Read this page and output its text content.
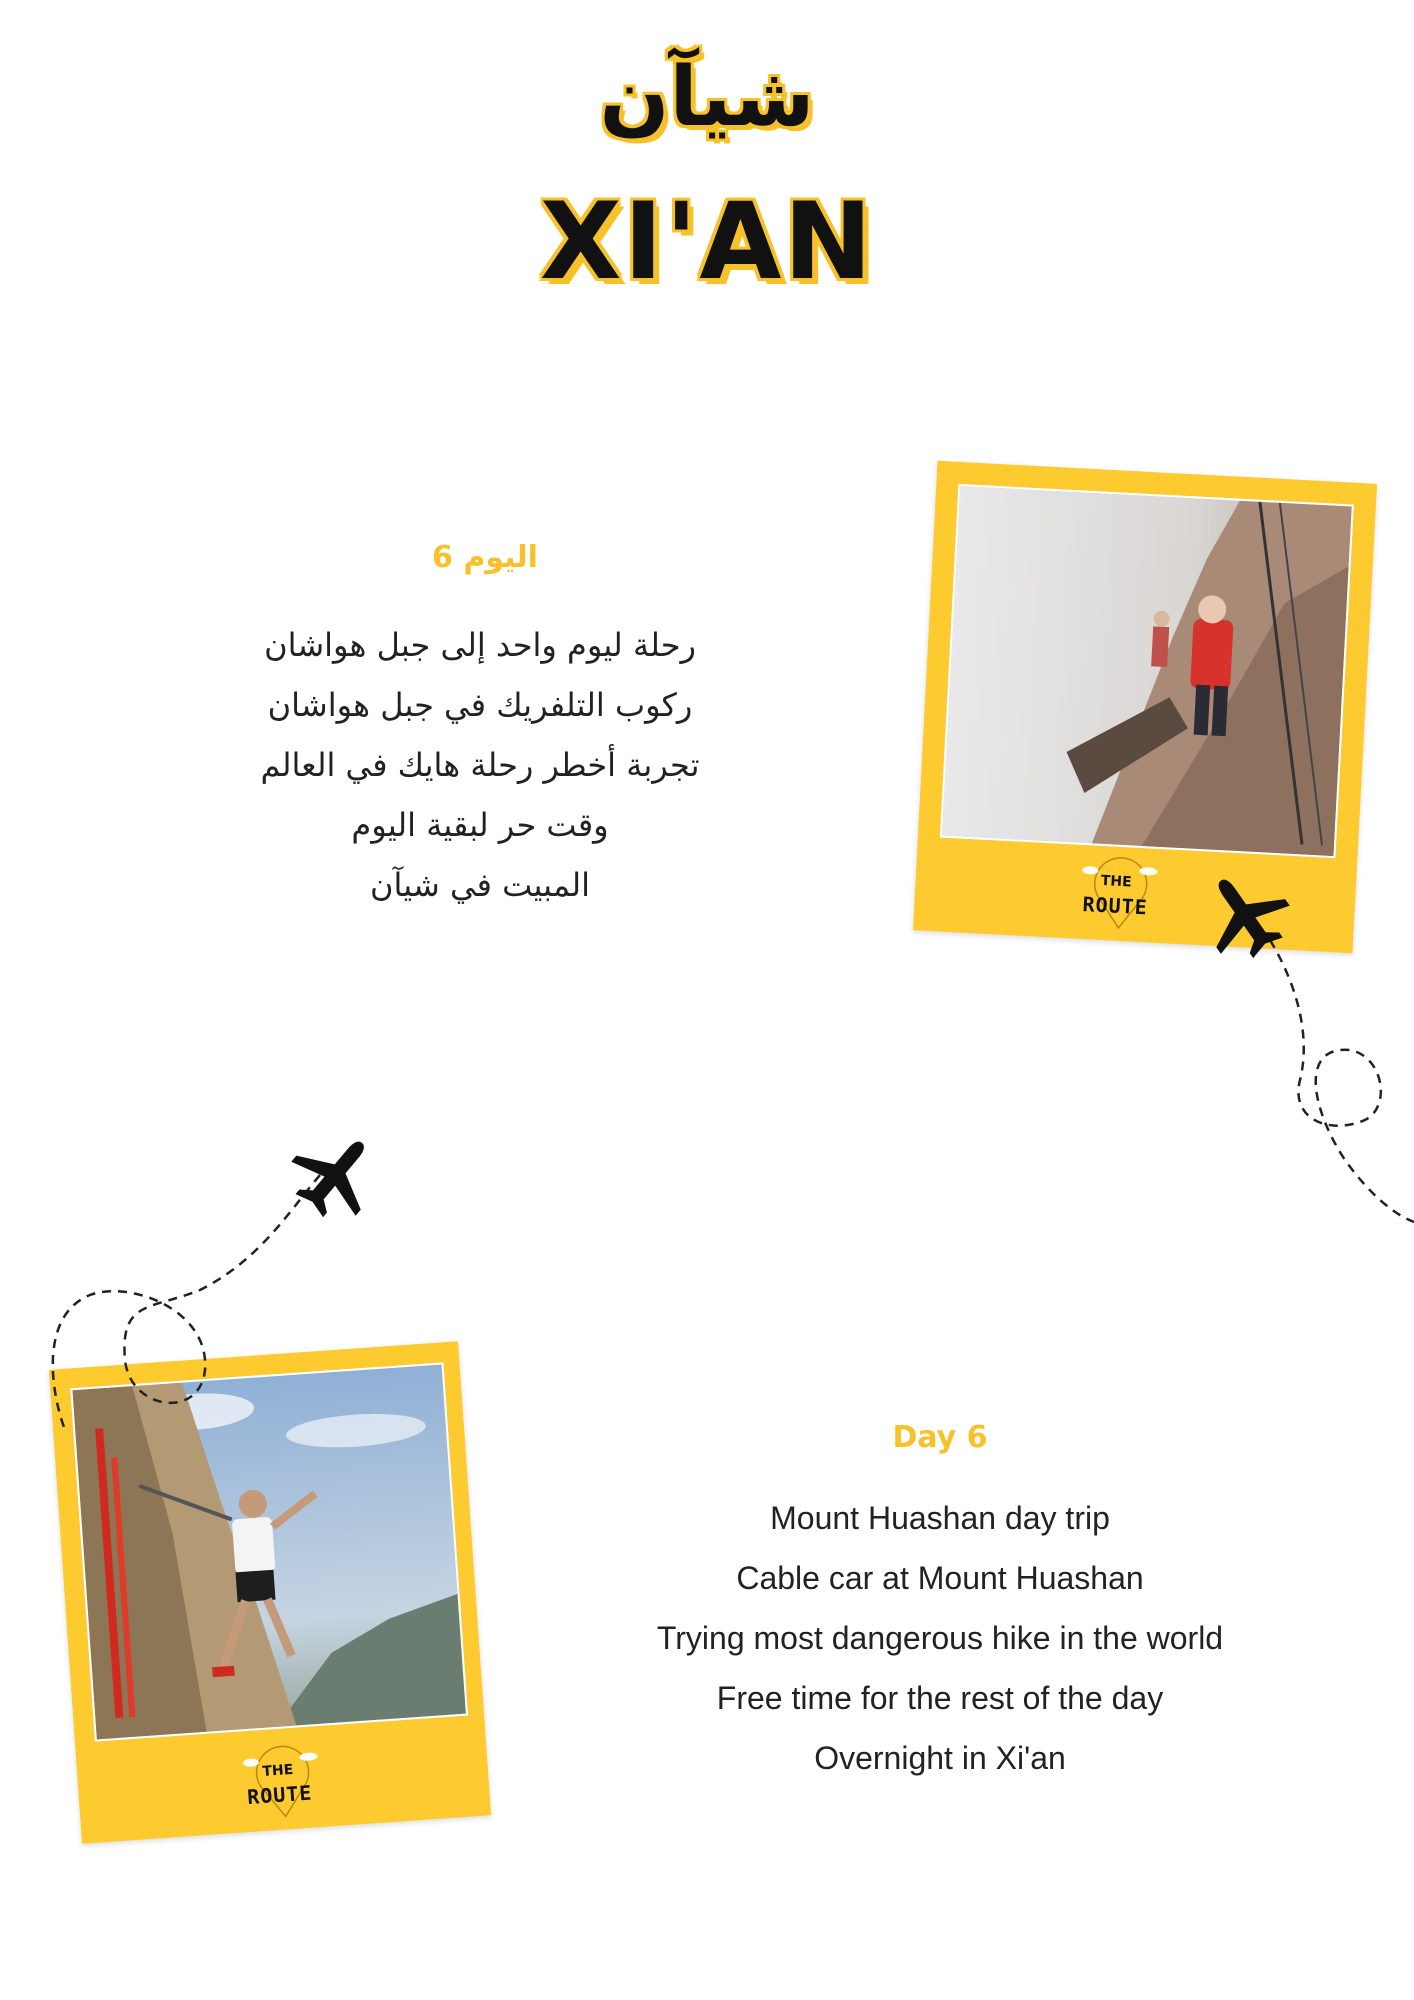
شيآن
XI'AN
اليوم 6
رحلة ليوم واحد إلى جبل هواشان
ركوب التلفريك في جبل هواشان
تجربة أخطر رحلة هايك في العالم
وقت حر لبقية اليوم
المبيت في شيآن
Day 6
Mount Huashan day trip
Cable car at Mount Huashan
Trying most dangerous hike in the world
Free time for the rest of the day
Overnight in Xi'an
THE
ROUTE
THE
ROUTE
